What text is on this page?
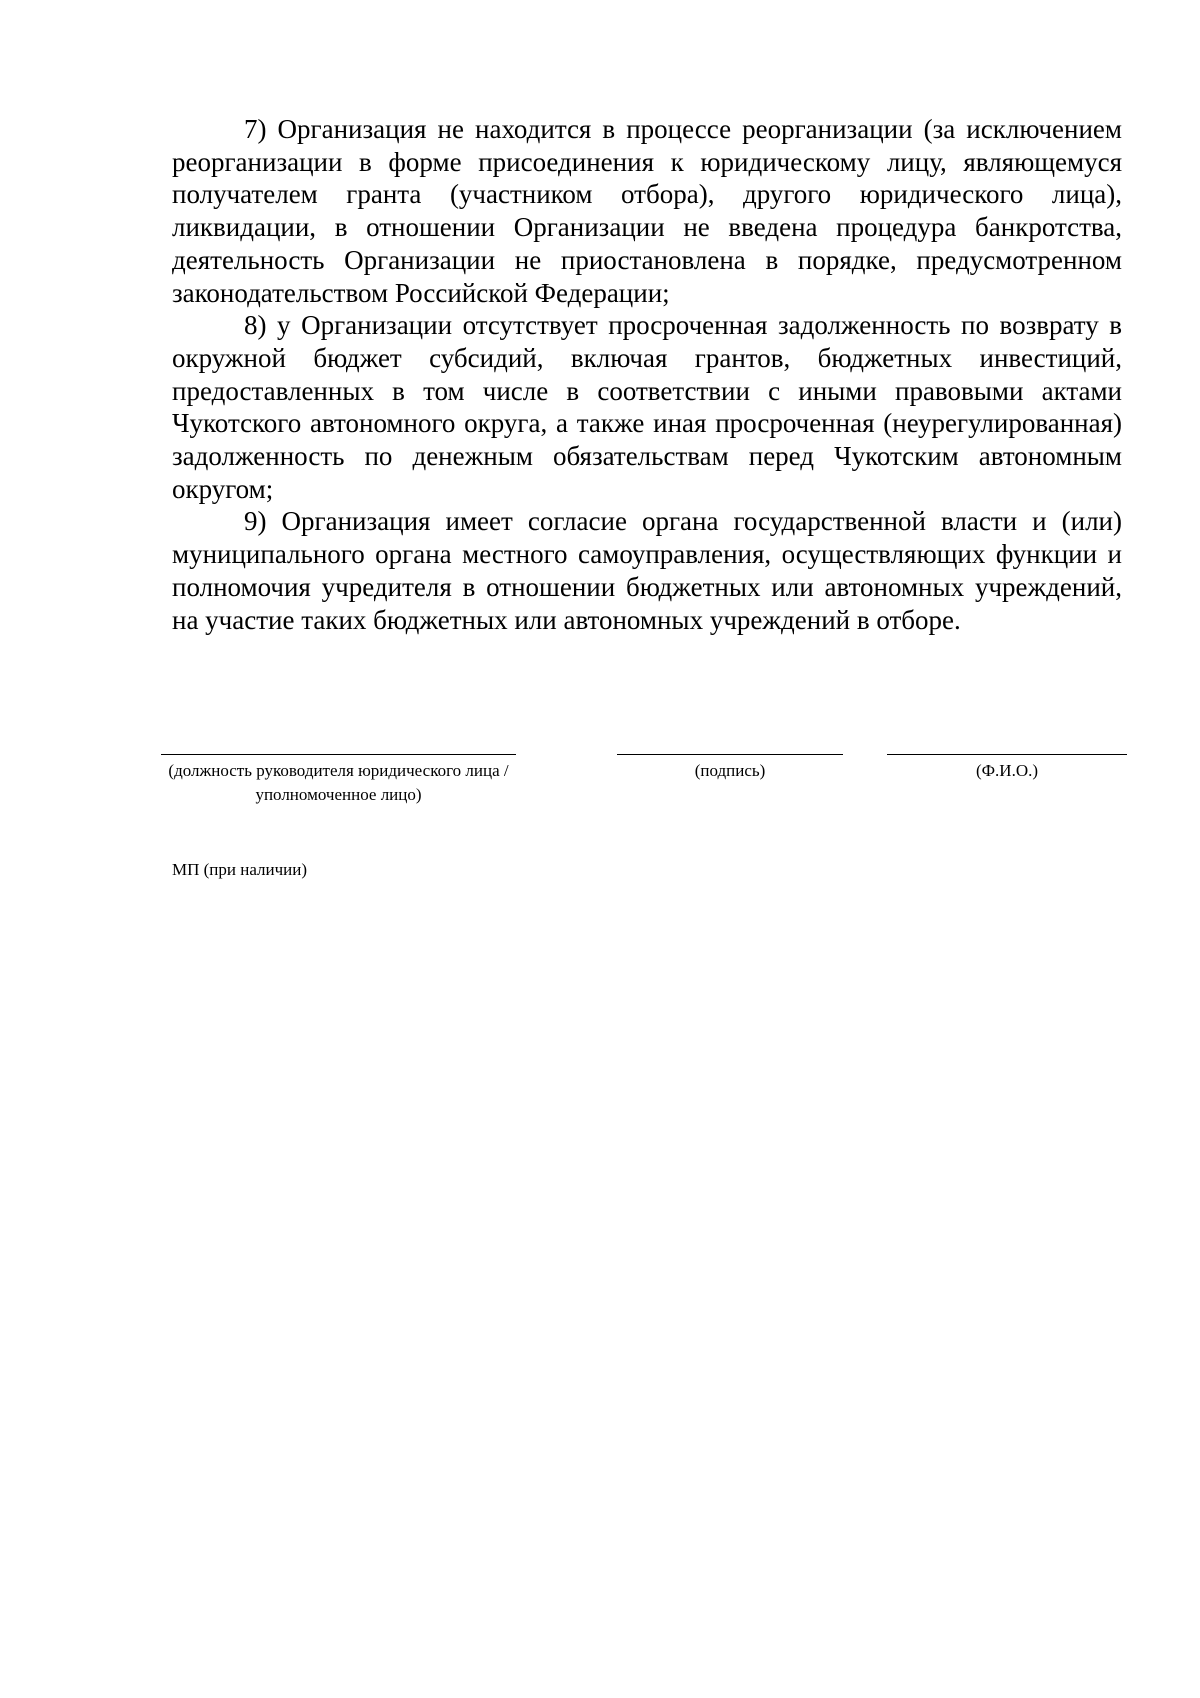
7) Организация не находится в процессе реорганизации (за исключением реорганизации в форме присоединения к юридическому лицу, являющемуся получателем гранта (участником отбора), другого юридического лица), ликвидации, в отношении Организации не введена процедура банкротства, деятельность Организации не приостановлена в порядке, предусмотренном законодательством Российской Федерации;

8) у Организации отсутствует просроченная задолженность по возврату в окружной бюджет субсидий, включая грантов, бюджетных инвестиций, предоставленных в том числе в соответствии с иными правовыми актами Чукотского автономного округа, а также иная просроченная (неурегулированная) задолженность по денежным обязательствам перед Чукотским автономным округом;

9) Организация имеет согласие органа государственной власти и (или) муниципального органа местного самоуправления, осуществляющих функции и полномочия учредителя в отношении бюджетных или автономных учреждений, на участие таких бюджетных или автономных учреждений в отборе.

(должность руководителя юридического лица / уполномоченное лицо)
(подпись)	(Ф.И.О.)
МП (при наличии)
